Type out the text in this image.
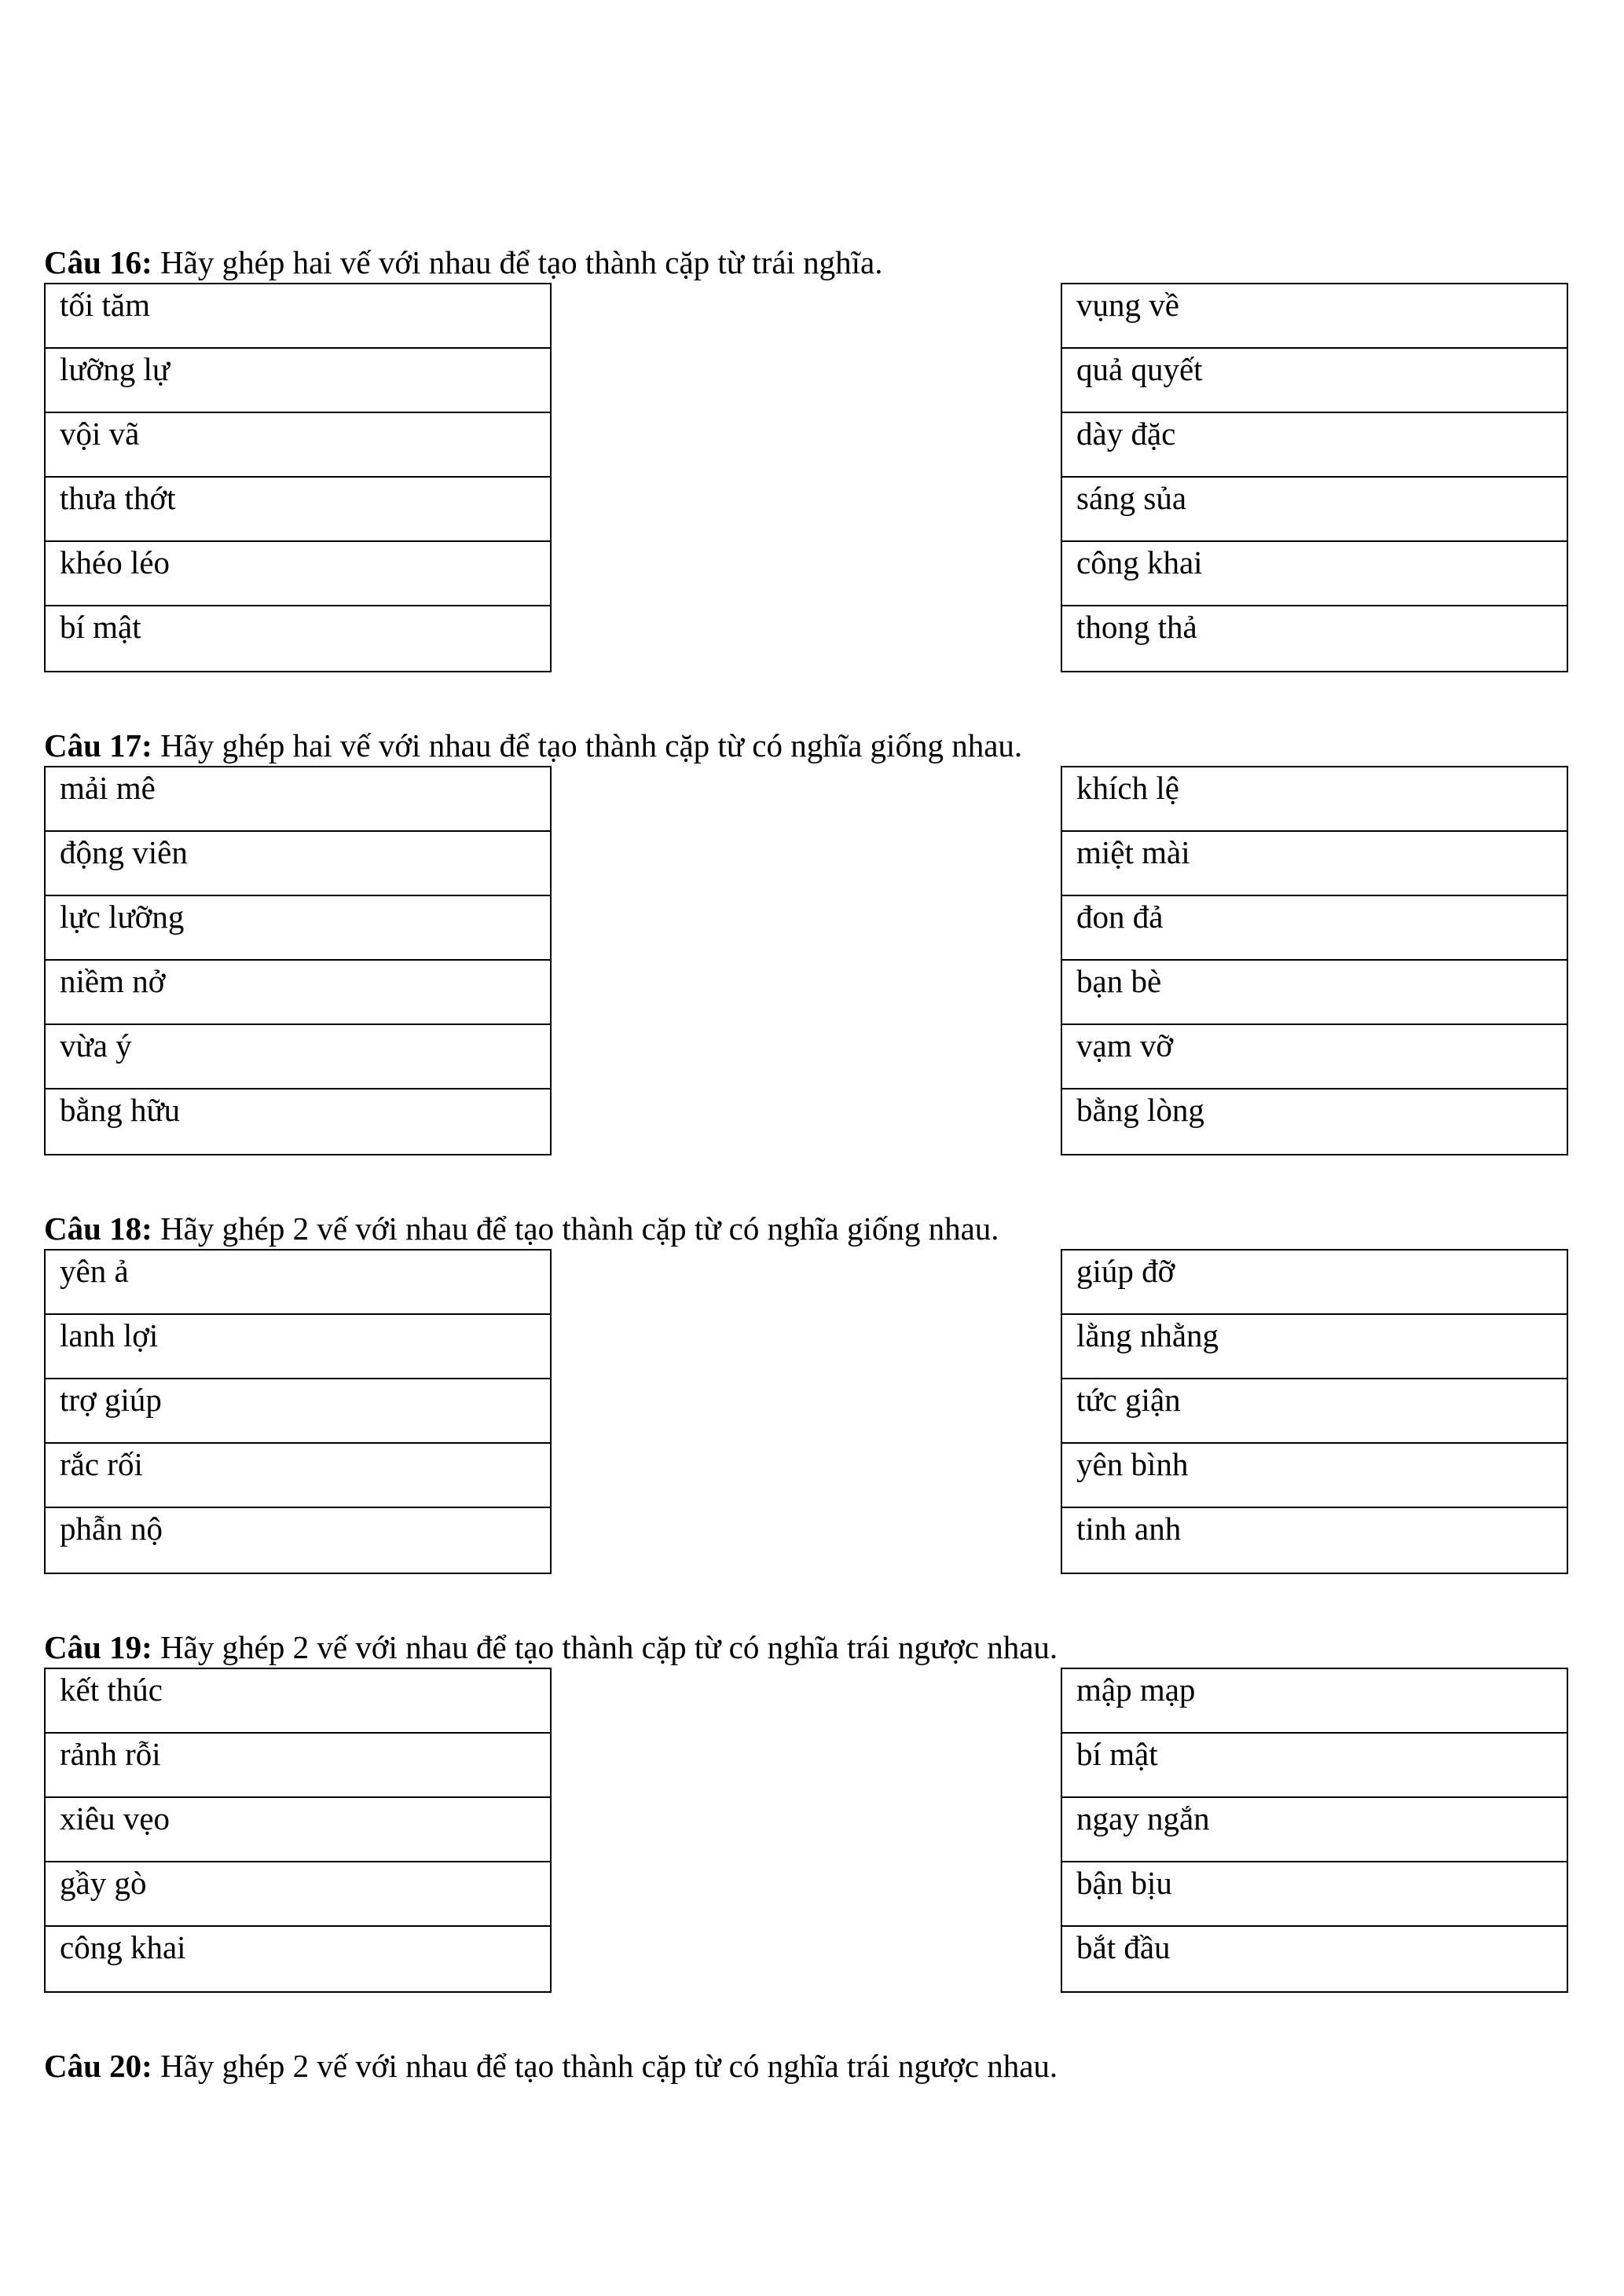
Câu 16: Hãy ghép hai vế với nhau để tạo thành cặp từ trái nghĩa.
tối tăm
lưỡng lự
vội vã
thưa thớt
khéo léo
bí mật
vụng về
quả quyết
dày đặc
sáng sủa
công khai
thong thả
Câu 17: Hãy ghép hai vế với nhau để tạo thành cặp từ có nghĩa giống nhau.
mải mê
động viên
lực lưỡng
niềm nở
vừa ý
bằng hữu
khích lệ
miệt mài
đon đả
bạn bè
vạm vỡ
bằng lòng
Câu 18: Hãy ghép 2 vế với nhau để tạo thành cặp từ có nghĩa giống nhau.
yên ả
lanh lợi
trợ giúp
rắc rối
phẫn nộ
giúp đỡ
lằng nhằng
tức giận
yên bình
tinh anh
Câu 19: Hãy ghép 2 vế với nhau để tạo thành cặp từ có nghĩa trái ngược nhau.
kết thúc
rảnh rỗi
xiêu vẹo
gầy gò
công khai
mập mạp
bí mật
ngay ngắn
bận bịu
bắt đầu
Câu 20: Hãy ghép 2 vế với nhau để tạo thành cặp từ có nghĩa trái ngược nhau.
